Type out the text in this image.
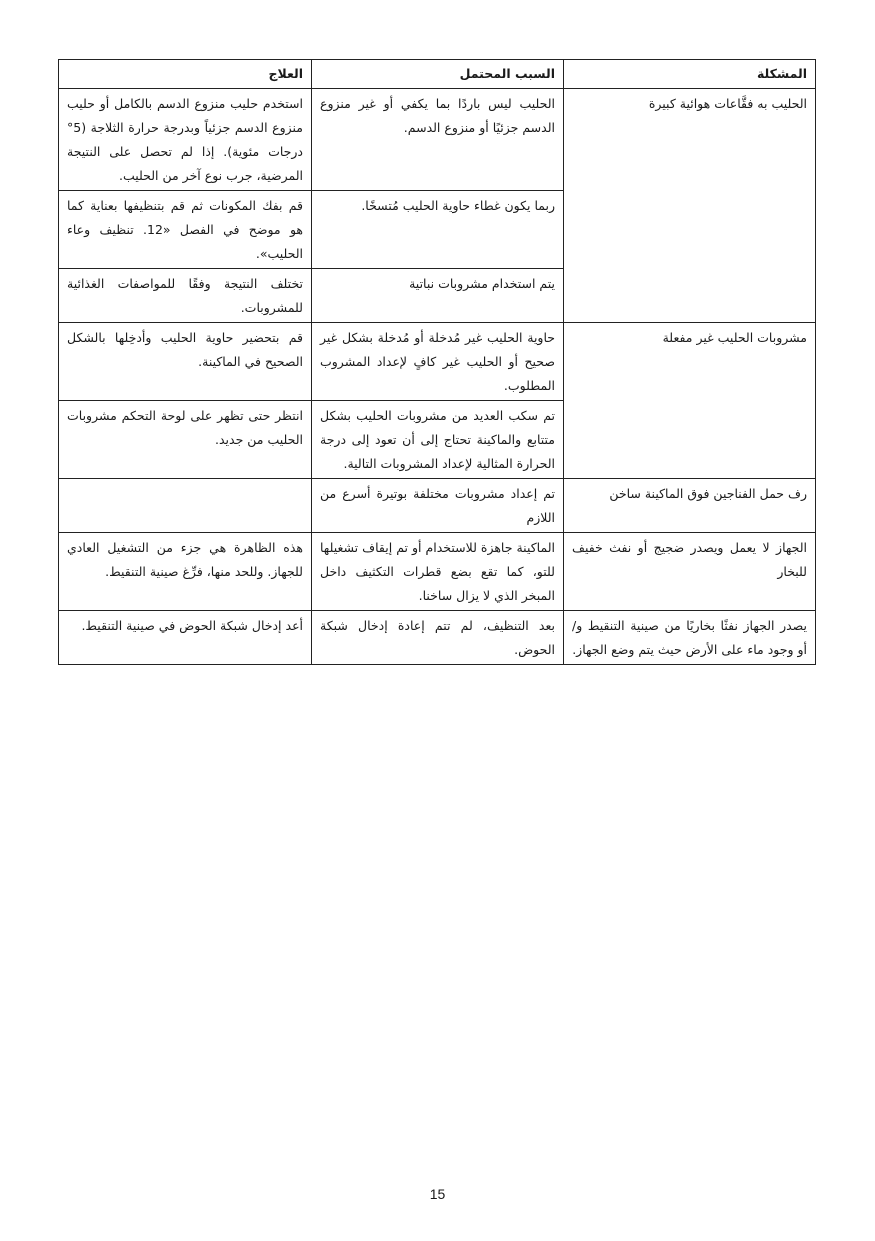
المشكلة	السبب المحتمل	العلاج
الحليب به فقَّاعات هوائية كبيرة	الحليب ليس باردًا بما يكفي أو غير منزوع الدسم جزئيًا أو منزوع الدسم.	استخدم حليب منزوع الدسم بالكامل أو حليب منزوع الدسم جزئياً وبدرجة حرارة الثلاجة (5° درجات مئوية). إذا لم تحصل على النتيجة المرضية، جرب نوع آخر من الحليب.
	ربما يكون غطاء حاوية الحليب مُتسخًا.	قم بفك المكونات ثم قم بتنظيفها بعناية كما هو موضح في الفصل «12. تنظيف وعاء الحليب».
	يتم استخدام مشروبات نباتية	تختلف النتيجة وفقًا للمواصفات الغذائية للمشروبات.
مشروبات الحليب غير مفعلة	حاوية الحليب غير مُدخلة أو مُدخلة بشكل غير صحيح أو الحليب غير كافٍ لإعداد المشروب المطلوب.	قم بتحضير حاوية الحليب وأدخِلها بالشكل الصحيح في الماكينة.
	تم سكب العديد من مشروبات الحليب بشكل متتابع والماكينة تحتاج إلى أن تعود إلى درجة الحرارة المثالية لإعداد المشروبات التالية.	انتظر حتى تظهر على لوحة التحكم مشروبات الحليب من جديد.
رف حمل الفناجين فوق الماكينة ساخن	تم إعداد مشروبات مختلفة بوتيرة أسرع من اللازم	
الجهاز لا يعمل ويصدر ضجيج أو نفث خفيف للبخار	الماكينة جاهزة للاستخدام أو تم إيقاف تشغيلها للتو، كما تقع بضع قطرات التكثيف داخل المبخر الذي لا يزال ساخنا.	هذه الظاهرة هي جزء من التشغيل العادي للجهاز. وللحد منها، فرِّغ صينية التنقيط.
يصدر الجهاز نفثًا بخاريًا من صينية التنقيط و/ أو وجود ماء على الأرض حيث يتم وضع الجهاز.	بعد التنظيف، لم تتم إعادة إدخال شبكة الحوض.	أعد إدخال شبكة الحوض في صينية التنقيط.
15
